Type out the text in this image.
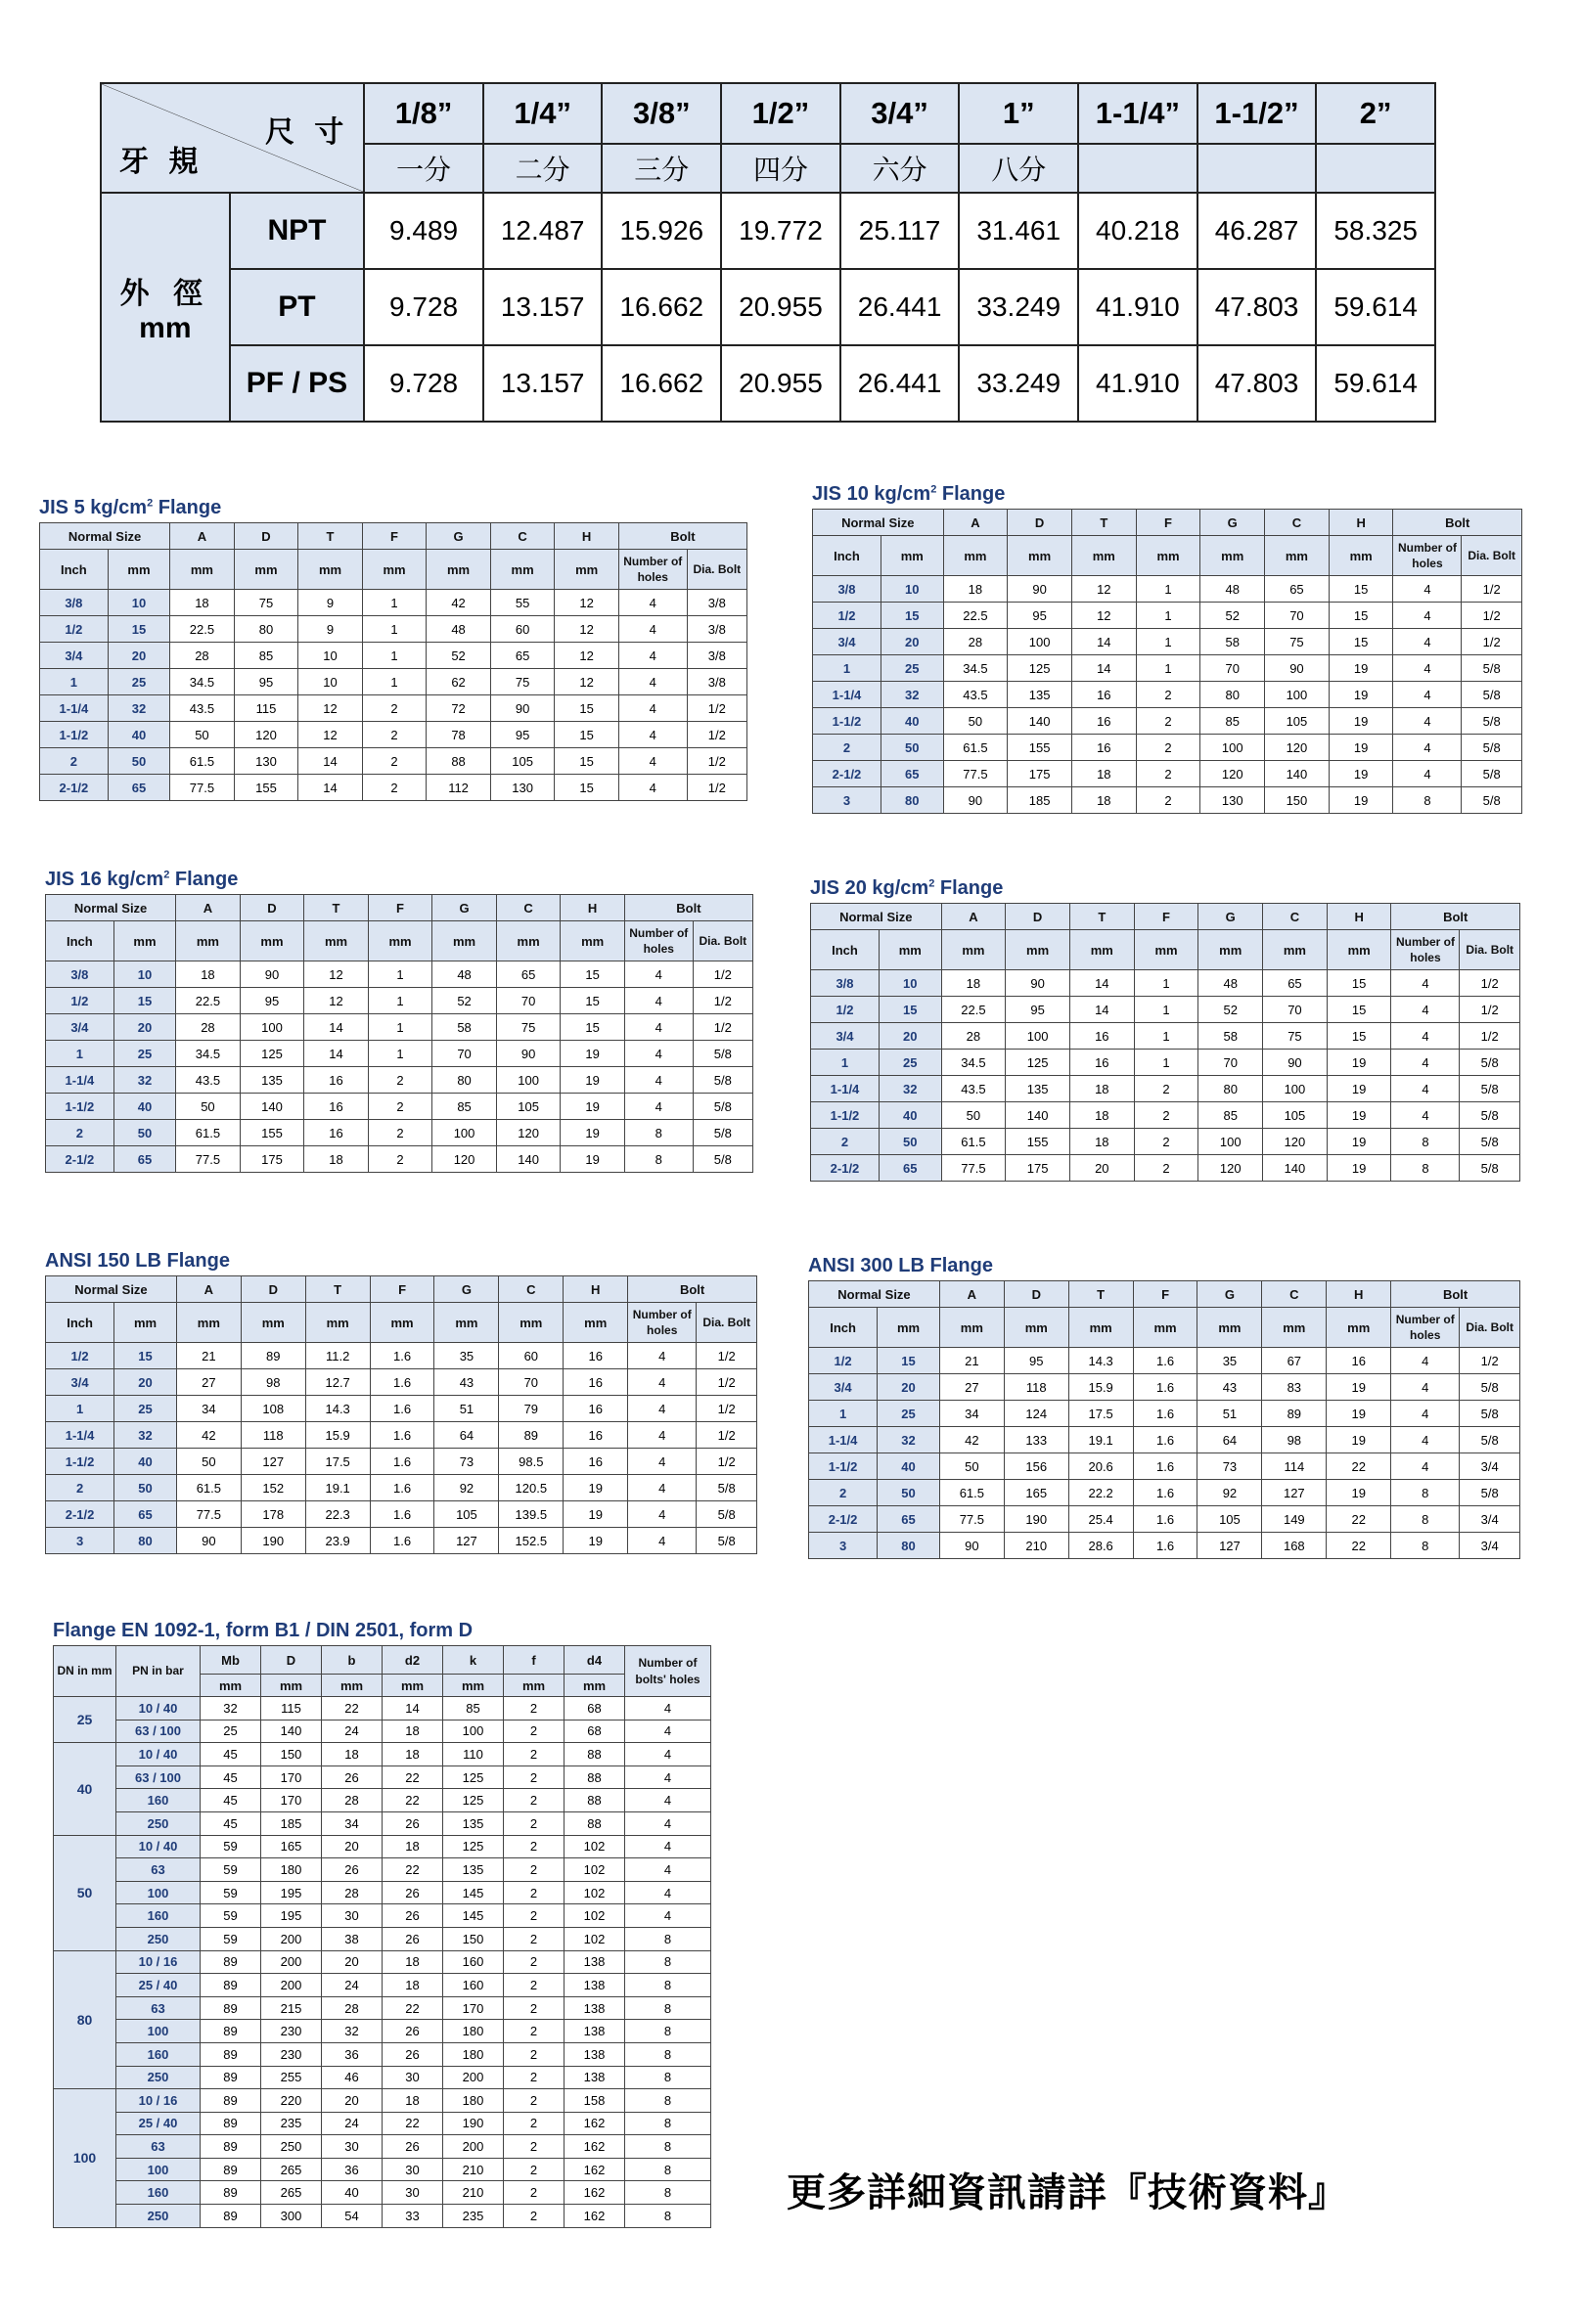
尺 寸
牙 規		1/8”	1/4”	3/8”	1/2”	3/4”	1”	1-1/4”	1-1/2”	2”
		一分	二分	三分	四分	六分	八分			

外 徑
mm	NPT	9.489	12.487	15.926	19.772	25.117	31.461	40.218	46.287	58.325
	PT	9.728	13.157	16.662	20.955	26.441	33.249	41.910	47.803	59.614
	PF / PS	9.728	13.157	16.662	20.955	26.441	33.249	41.910	47.803	59.614
JIS 5 $kg/cm^2$ Flange
Normal Size		A	D	T	F	G	C	H	Bolt	
Inch	mm	mm	mm	mm	mm	mm	mm	mm	Number of holes	Dia. Bolt
3/8	10	18	75	9	1	42	55	12	4	3/8
1/2	15	22.5	80	9	1	48	60	12	4	3/8
3/4	20	28	85	10	1	52	65	12	4	3/8
1	25	34.5	95	10	1	62	75	12	4	3/8
1-1/4	32	43.5	115	12	2	72	90	15	4	1/2
1-1/2	40	50	120	12	2	78	95	15	4	1/2
2	50	61.5	130	14	2	88	105	15	4	1/2
2-1/2	65	77.5	155	14	2	112	130	15	4	1/2
JIS 10 $kg/cm^2$ Flange
Normal Size		A	D	T	F	G	C	H	Bolt	
Inch	mm	mm	mm	mm	mm	mm	mm	mm	Number of holes	Dia. Bolt
3/8	10	18	90	12	1	48	65	15	4	1/2
1/2	15	22.5	95	12	1	52	70	15	4	1/2
3/4	20	28	100	14	1	58	75	15	4	1/2
1	25	34.5	125	14	1	70	90	19	4	5/8
1-1/4	32	43.5	135	16	2	80	100	19	4	5/8
1-1/2	40	50	140	16	2	85	105	19	4	5/8
2	50	61.5	155	16	2	100	120	19	4	5/8
2-1/2	65	77.5	175	18	2	120	140	19	4	5/8
3	80	90	185	18	2	130	150	19	8	5/8
JIS 16 $kg/cm^2$ Flange
Normal Size		A	D	T	F	G	C	H	Bolt	
Inch	mm	mm	mm	mm	mm	mm	mm	mm	Number of holes	Dia. Bolt
3/8	10	18	90	12	1	48	65	15	4	1/2
1/2	15	22.5	95	12	1	52	70	15	4	1/2
3/4	20	28	100	14	1	58	75	15	4	1/2
1	25	34.5	125	14	1	70	90	19	4	5/8
1-1/4	32	43.5	135	16	2	80	100	19	4	5/8
1-1/2	40	50	140	16	2	85	105	19	4	5/8
2	50	61.5	155	16	2	100	120	19	8	5/8
2-1/2	65	77.5	175	18	2	120	140	19	8	5/8
JIS 20 $kg/cm^2$ Flange
Normal Size		A	D	T	F	G	C	H	Bolt	
Inch	mm	mm	mm	mm	mm	mm	mm	mm	Number of holes	Dia. Bolt
3/8	10	18	90	14	1	48	65	15	4	1/2
1/2	15	22.5	95	14	1	52	70	15	4	1/2
3/4	20	28	100	16	1	58	75	15	4	1/2
1	25	34.5	125	16	1	70	90	19	4	5/8
1-1/4	32	43.5	135	18	2	80	100	19	4	5/8
1-1/2	40	50	140	18	2	85	105	19	4	5/8
2	50	61.5	155	18	2	100	120	19	8	5/8
2-1/2	65	77.5	175	20	2	120	140	19	8	5/8
ANSI 150 LB Flange
Normal Size		A	D	T	F	G	C	H	Bolt	
Inch	mm	mm	mm	mm	mm	mm	mm	mm	Number of holes	Dia. Bolt
1/2	15	21	89	11.2	1.6	35	60	16	4	1/2
3/4	20	27	98	12.7	1.6	43	70	16	4	1/2
1	25	34	108	14.3	1.6	51	79	16	4	1/2
1-1/4	32	42	118	15.9	1.6	64	89	16	4	1/2
1-1/2	40	50	127	17.5	1.6	73	98.5	16	4	1/2
2	50	61.5	152	19.1	1.6	92	120.5	19	4	5/8
2-1/2	65	77.5	178	22.3	1.6	105	139.5	19	4	5/8
3	80	90	190	23.9	1.6	127	152.5	19	4	5/8
ANSI 300 LB Flange
Normal Size		A	D	T	F	G	C	H	Bolt	
Inch	mm	mm	mm	mm	mm	mm	mm	mm	Number of holes	Dia. Bolt
1/2	15	21	95	14.3	1.6	35	67	16	4	1/2
3/4	20	27	118	15.9	1.6	43	83	19	4	5/8
1	25	34	124	17.5	1.6	51	89	19	4	5/8
1-1/4	32	42	133	19.1	1.6	64	98	19	4	5/8
1-1/2	40	50	156	20.6	1.6	73	114	22	4	3/4
2	50	61.5	165	22.2	1.6	92	127	19	8	5/8
2-1/2	65	77.5	190	25.4	1.6	105	149	22	8	3/4
3	80	90	210	28.6	1.6	127	168	22	8	3/4
Flange EN 1092-1, form B1 / DIN 2501, form D
DN in mm	PN in bar	Mb	D	b	d2	k	f	d4	Number of bolts' holes
		mm	mm	mm	mm	mm	mm	mm	
25	10 / 40	32	115	22	14	85	2	68	4
	63 / 100	25	140	24	18	100	2	68	4
40	10 / 40	45	150	18	18	110	2	88	4
	63 / 100	45	170	26	22	125	2	88	4
	160	45	170	28	22	125	2	88	4
	250	45	185	34	26	135	2	88	4
50	10 / 40	59	165	20	18	125	2	102	4
	63	59	180	26	22	135	2	102	4
	100	59	195	28	26	145	2	102	4
	160	59	195	30	26	145	2	102	4
	250	59	200	38	26	150	2	102	8
80	10 / 16	89	200	20	18	160	2	138	8
	25 / 40	89	200	24	18	160	2	138	8
	63	89	215	28	22	170	2	138	8
	100	89	230	32	26	180	2	138	8
	160	89	230	36	26	180	2	138	8
	250	89	255	46	30	200	2	138	8
100	10 / 16	89	220	20	18	180	2	158	8
	25 / 40	89	235	24	22	190	2	162	8
	63	89	250	30	26	200	2	162	8
	100	89	265	36	30	210	2	162	8
	160	89	265	40	30	210	2	162	8
	250	89	300	54	33	235	2	162	8
更多詳細資訊請詳『技術資料』
